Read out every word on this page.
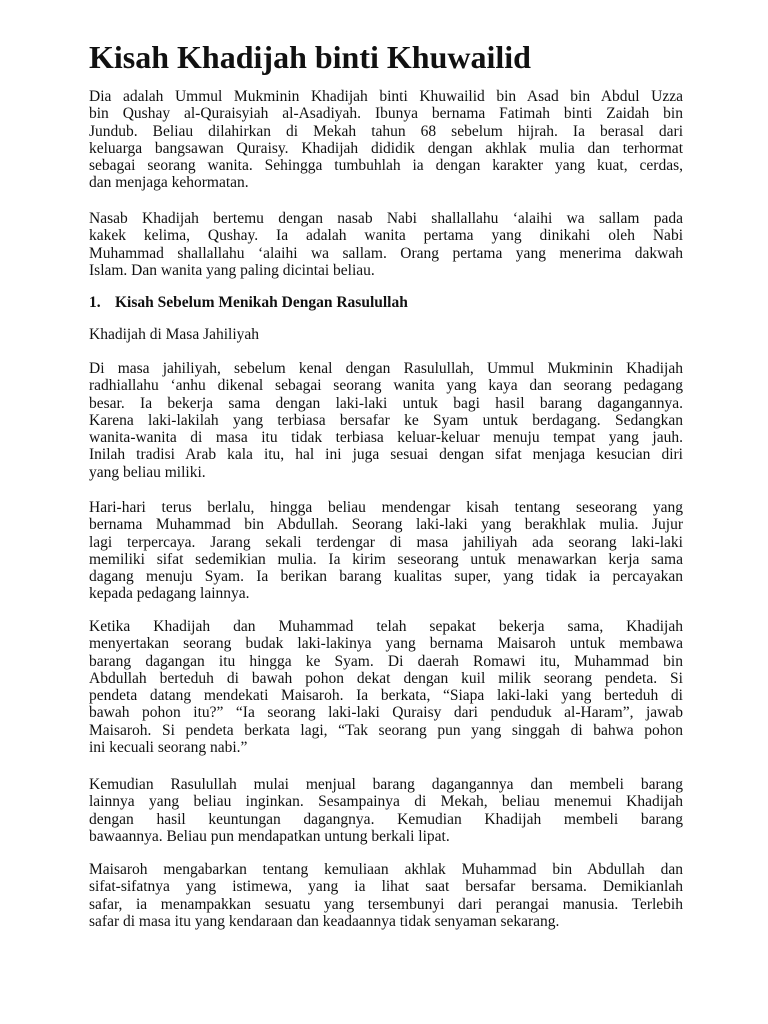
Kisah Khadijah binti Khuwailid
Dia adalah Ummul Mukminin Khadijah binti Khuwailid bin Asad bin Abdul Uzza
bin Qushay al-Quraisyiah al-Asadiyah. Ibunya bernama Fatimah binti Zaidah bin
Jundub. Beliau dilahirkan di Mekah tahun 68 sebelum hijrah. Ia berasal dari
keluarga bangsawan Quraisy. Khadijah dididik dengan akhlak mulia dan terhormat
sebagai seorang wanita. Sehingga tumbuhlah ia dengan karakter yang kuat, cerdas,
dan menjaga kehormatan.
Nasab Khadijah bertemu dengan nasab Nabi shallallahu ‘alaihi wa sallam pada
kakek kelima, Qushay. Ia adalah wanita pertama yang dinikahi oleh Nabi
Muhammad shallallahu ‘alaihi wa sallam. Orang pertama yang menerima dakwah
Islam. Dan wanita yang paling dicintai beliau.
1. Kisah Sebelum Menikah Dengan Rasulullah
Khadijah di Masa Jahiliyah
Di masa jahiliyah, sebelum kenal dengan Rasulullah, Ummul Mukminin Khadijah
radhiallahu ‘anhu dikenal sebagai seorang wanita yang kaya dan seorang pedagang
besar. Ia bekerja sama dengan laki-laki untuk bagi hasil barang dagangannya.
Karena laki-lakilah yang terbiasa bersafar ke Syam untuk berdagang. Sedangkan
wanita-wanita di masa itu tidak terbiasa keluar-keluar menuju tempat yang jauh.
Inilah tradisi Arab kala itu, hal ini juga sesuai dengan sifat menjaga kesucian diri
yang beliau miliki.
Hari-hari terus berlalu, hingga beliau mendengar kisah tentang seseorang yang
bernama Muhammad bin Abdullah. Seorang laki-laki yang berakhlak mulia. Jujur
lagi terpercaya. Jarang sekali terdengar di masa jahiliyah ada seorang laki-laki
memiliki sifat sedemikian mulia. Ia kirim seseorang untuk menawarkan kerja sama
dagang menuju Syam. Ia berikan barang kualitas super, yang tidak ia percayakan
kepada pedagang lainnya.
Ketika Khadijah dan Muhammad telah sepakat bekerja sama, Khadijah
menyertakan seorang budak laki-lakinya yang bernama Maisaroh untuk membawa
barang dagangan itu hingga ke Syam. Di daerah Romawi itu, Muhammad bin
Abdullah berteduh di bawah pohon dekat dengan kuil milik seorang pendeta. Si
pendeta datang mendekati Maisaroh. Ia berkata, “Siapa laki-laki yang berteduh di
bawah pohon itu?” “Ia seorang laki-laki Quraisy dari penduduk al-Haram”, jawab
Maisaroh. Si pendeta berkata lagi, “Tak seorang pun yang singgah di bahwa pohon
ini kecuali seorang nabi.”
Kemudian Rasulullah mulai menjual barang dagangannya dan membeli barang
lainnya yang beliau inginkan. Sesampainya di Mekah, beliau menemui Khadijah
dengan hasil keuntungan dagangnya. Kemudian Khadijah membeli barang
bawaannya. Beliau pun mendapatkan untung berkali lipat.
Maisaroh mengabarkan tentang kemuliaan akhlak Muhammad bin Abdullah dan
sifat-sifatnya yang istimewa, yang ia lihat saat bersafar bersama. Demikianlah
safar, ia menampakkan sesuatu yang tersembunyi dari perangai manusia. Terlebih
safar di masa itu yang kendaraan dan keadaannya tidak senyaman sekarang.
